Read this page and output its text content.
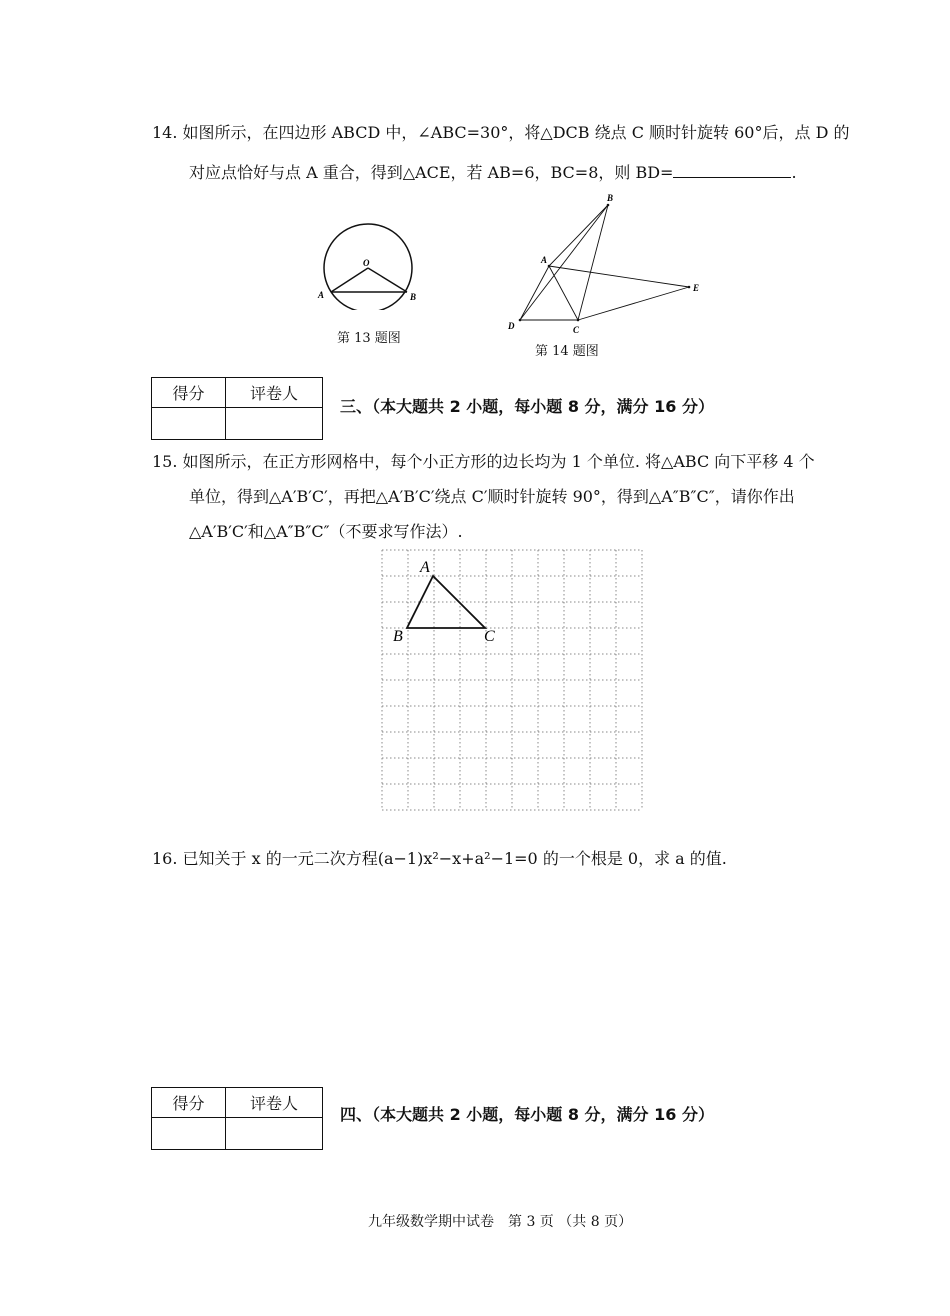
14. 如图所示，在四边形 ABCD 中，∠ABC=30°，将△DCB 绕点 C 顺时针旋转 60°后，点 D 的
对应点恰好与点 A 重合，得到△ACE，若 AB=6，BC=8，则 BD=	.
O
A	B
第 13 题图
B
A
E
D	C
第 14 题图
得分	评卷人

三、（本大题共 2 小题，每小题 8 分，满分 16 分）
15. 如图所示，在正方形网格中，每个小正方形的边长均为 1 个单位. 将△ABC 向下平移 4 个
单位，得到△A′B′C′，再把△A′B′C′绕点 C′顺时针旋转 90°，得到△A″B″C″，请你作出
△A′B′C′和△A″B″C″（不要求写作法）.
A
B	C
16. 已知关于 x 的一元二次方程(a−1)x²−x+a²−1=0 的一个根是 0，求 a 的值.
得分	评卷人

四、（本大题共 2 小题，每小题 8 分，满分 16 分）
九年级数学期中试卷　第 3 页 （共 8 页）
